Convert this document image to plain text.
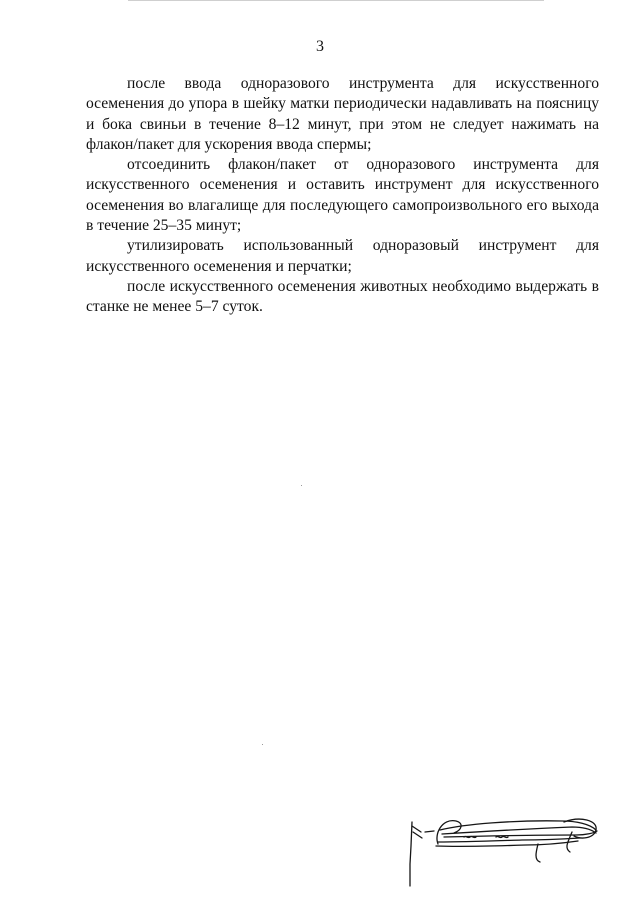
3

после ввода одноразового инструмента для искусственного осеменения до упора в шейку матки периодически надавливать на поясницу и бока свиньи в течение 8–12 минут, при этом не следует нажимать на флакон/пакет для ускорения ввода спермы;

отсоединить флакон/пакет от одноразового инструмента для искусственного осеменения и оставить инструмент для искусственного осеменения во влагалище для последующего самопроизвольного его выхода в течение 25–35 минут;

утилизировать использованный одноразовый инструмент для искусственного осеменения и перчатки;

после искусственного осеменения животных необходимо выдержать в станке не менее 5–7 суток.
